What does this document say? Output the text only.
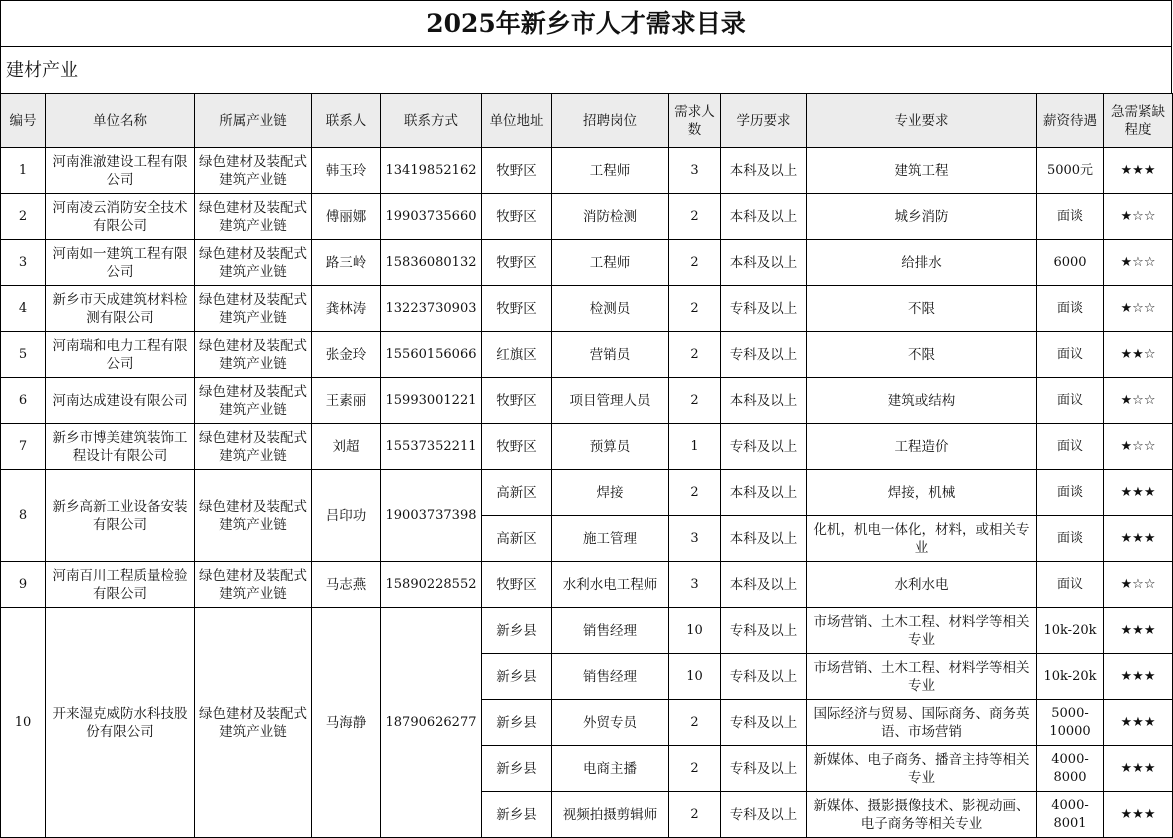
2025年新乡市人才需求目录
建材产业
编号	单位名称	所属产业链	联系人	联系方式	单位地址	招聘岗位	需求人数	学历要求	专业要求	薪资待遇	急需紧缺程度
1	河南淮澈建设工程有限公司	绿色建材及装配式建筑产业链	韩玉玲	13419852162	牧野区	工程师	3	本科及以上	建筑工程	5000元	★★★
2	河南凌云消防安全技术有限公司	绿色建材及装配式建筑产业链	傅丽娜	19903735660	牧野区	消防检测	2	本科及以上	城乡消防	面谈	★☆☆
3	河南如一建筑工程有限公司	绿色建材及装配式建筑产业链	路三岭	15836080132	牧野区	工程师	2	本科及以上	给排水	6000	★☆☆
4	新乡市天成建筑材料检测有限公司	绿色建材及装配式建筑产业链	龚林涛	13223730903	牧野区	检测员	2	专科及以上	不限	面谈	★☆☆
5	河南瑞和电力工程有限公司	绿色建材及装配式建筑产业链	张金玲	15560156066	红旗区	营销员	2	专科及以上	不限	面议	★★☆
6	河南达成建设有限公司	绿色建材及装配式建筑产业链	王素丽	15993001221	牧野区	项目管理人员	2	本科及以上	建筑或结构	面议	★☆☆
7	新乡市博美建筑装饰工程设计有限公司	绿色建材及装配式建筑产业链	刘超	15537352211	牧野区	预算员	1	专科及以上	工程造价	面议	★☆☆
8	新乡高新工业设备安装有限公司	绿色建材及装配式建筑产业链	吕印功	19003737398	高新区	焊接	2	本科及以上	焊接，机械	面谈	★★★
					高新区	施工管理	3	本科及以上	化机，机电一体化，材料，或相关专业	面谈	★★★
9	河南百川工程质量检验有限公司	绿色建材及装配式建筑产业链	马志燕	15890228552	牧野区	水利水电工程师	3	本科及以上	水利水电	面议	★☆☆
10	开来湿克威防水科技股份有限公司	绿色建材及装配式建筑产业链	马海静	18790626277	新乡县	销售经理	10	专科及以上	市场营销、土木工程、材料学等相关专业	10k-20k	★★★
					新乡县	销售经理	10	专科及以上	市场营销、土木工程、材料学等相关专业	10k-20k	★★★
					新乡县	外贸专员	2	专科及以上	国际经济与贸易、国际商务、商务英语、市场营销	5000-10000	★★★
					新乡县	电商主播	2	专科及以上	新媒体、电子商务、播音主持等相关专业	4000-8000	★★★
					新乡县	视频拍摄剪辑师	2	专科及以上	新媒体、摄影摄像技术、影视动画、电子商务等相关专业	4000-8001	★★★
